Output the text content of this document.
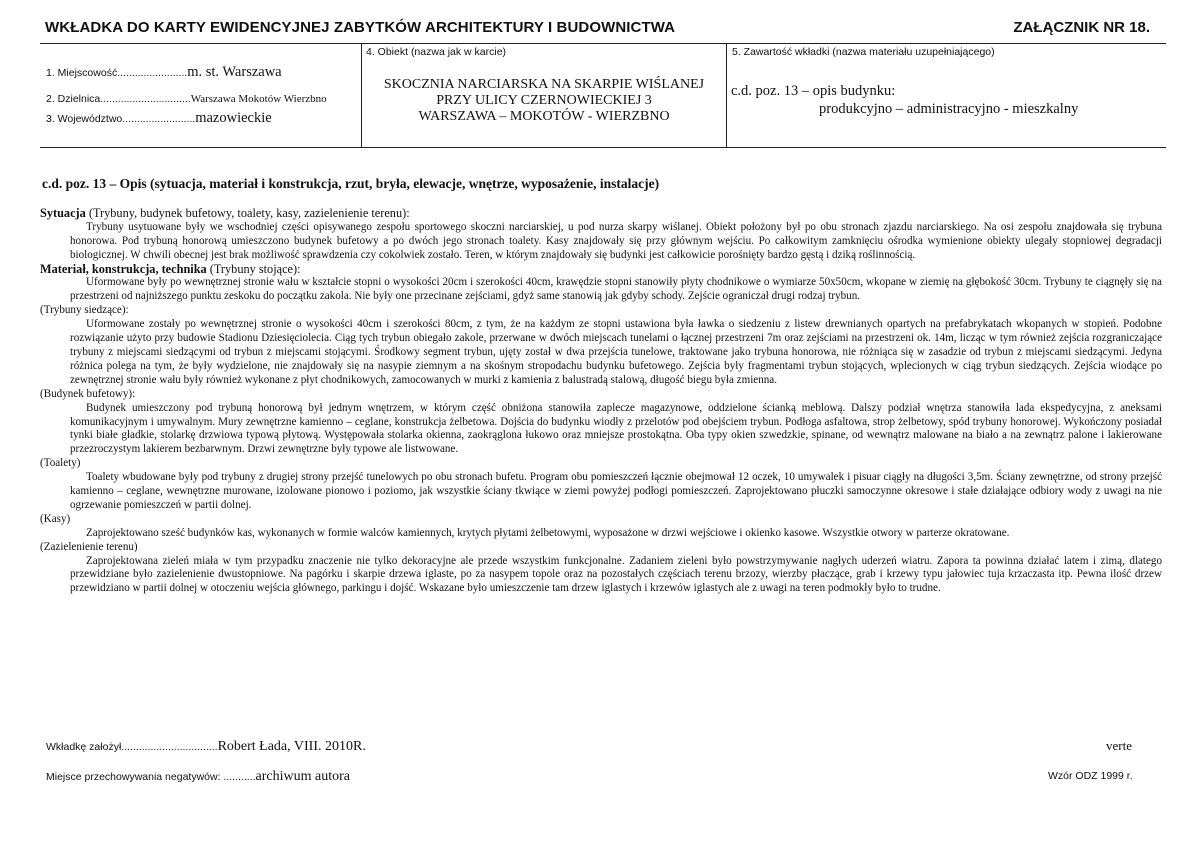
WKŁADKA DO KARTY EWIDENCYJNEJ ZABYTKÓW ARCHITEKTURY I BUDOWNICTWA	ZAŁĄCZNIK NR 18.
1. Miejscowość........................m. st. Warszawa
2. Dzielnica...............................Warszawa Mokotów Wierzbno
3. Województwo.........................mazowieckie
4. Obiekt (nazwa jak w karcie)
SKOCZNIA NARCIARSKA NA SKARPIE WIŚLANEJ
PRZY ULICY CZERNOWIECKIEJ 3
WARSZAWA – MOKOTÓW - WIERZBNO
5. Zawartość wkładki (nazwa materiału uzupełniającego)
c.d. poz. 13 – opis budynku:
produkcyjno – administracyjno - mieszkalny
c.d. poz. 13 – Opis (sytuacja, materiał i konstrukcja, rzut, bryła, elewacje, wnętrze, wyposażenie, instalacje)

Sytuacja (Trybuny, budynek bufetowy, toalety, kasy, zazielenienie terenu):

Trybuny usytuowane były we wschodniej części opisywanego zespołu sportowego skoczni narciarskiej, u pod nurza skarpy wiślanej. Obiekt położony był po obu stronach zjazdu narciarskiego. Na osi zespołu znajdowała się trybuna honorowa. Pod trybuną honorową umieszczono budynek bufetowy a po dwóch jego stronach toalety. Kasy znajdowały się przy głównym wejściu. Po całkowitym zamknięciu ośrodka wymienione obiekty ulegały stopniowej degradacji biologicznej. W chwili obecnej jest brak możliwość sprawdzenia czy cokolwiek zostało. Teren, w którym znajdowały się budynki jest całkowicie porośnięty bardzo gęstą i dziką roślinnością.

Materiał, konstrukcja, technika (Trybuny stojące):

Uformowane były po wewnętrznej stronie wału w kształcie stopni o wysokości 20cm i szerokości 40cm, krawędzie stopni stanowiły płyty chodnikowe o wymiarze 50x50cm, wkopane w ziemię na głębokość 30cm. Trybuny te ciągnęły się na przestrzeni od najniższego punktu zeskoku do początku zakola. Nie były one przecinane zejściami, gdyż same stanowią jak gdyby schody. Zejście ograniczał drugi rodzaj trybun.

(Trybuny siedzące):

Uformowane zostały po wewnętrznej stronie o wysokości 40cm i szerokości 80cm, z tym, że na każdym ze stopni ustawiona była ławka o siedzeniu z listew drewnianych opartych na prefabrykatach wkopanych w stopień. Podobne rozwiązanie użyto przy budowie Stadionu Dziesięciolecia. Ciąg tych trybun obiegało zakole, przerwane w dwóch miejscach tunelami o łącznej przestrzeni 7m oraz zejściami na przestrzeni ok. 14m, licząc w tym również zejścia rozgraniczające trybuny z miejscami siedzącymi od trybun z miejscami stojącymi. Środkowy segment trybun, ujęty został w dwa przejścia tunelowe, traktowane jako trybuna honorowa, nie różniąca się w zasadzie od trybun z miejscami siedzącymi. Jedyna różnica polega na tym, że były wydzielone, nie znajdowały się na nasypie ziemnym a na skośnym stropodachu budynku bufetowego. Zejścia były fragmentami trybun stojących, wplecionych w ciąg trybun siedzących. Zejścia wiodące po zewnętrznej stronie wału były również wykonane z płyt chodnikowych, zamocowanych w murki z kamienia z balustradą stalową, długość biegu była zmienna.

(Budynek bufetowy):

Budynek umieszczony pod trybuną honorową był jednym wnętrzem, w którym część obniżona stanowiła zaplecze magazynowe, oddzielone ścianką meblową. Dalszy podział wnętrza stanowiła lada ekspedycyjna, z aneksami komunikacyjnym i umywalnym. Mury zewnętrzne kamienno – ceglane, konstrukcja żelbetowa. Dojścia do budynku wiodły z przelotów pod obejściem trybun. Podłoga asfaltowa, strop żelbetowy, spód trybuny honorowej. Wykończony posiadał tynki białe gładkie, stolarkę drzwiowa typową płytową. Występowała stolarka okienna, zaokrąglona łukowo oraz mniejsze prostokątna. Oba typy okien szwedzkie, spinane, od wewnątrz malowane na biało a na zewnątrz palone i lakierowane przezroczystym lakierem bezbarwnym. Drzwi zewnętrzne były typowe ale listwowane.

(Toalety)

Toalety wbudowane były pod trybuny z drugiej strony przejść tunelowych po obu stronach bufetu. Program obu pomieszczeń łącznie obejmował 12 oczek, 10 umywalek i pisuar ciągły na długości 3,5m. Ściany zewnętrzne, od strony przejść kamienno – ceglane, wewnętrzne murowane, izolowane pionowo i poziomo, jak wszystkie ściany tkwiące w ziemi powyżej podłogi pomieszczeń. Zaprojektowano płuczki samoczynne okresowe i stałe działające odbiory wody z uwagi na nie ogrzewanie pomieszczeń w partii dolnej.

(Kasy)

Zaprojektowano sześć budynków kas, wykonanych w formie walców kamiennych, krytych płytami żelbetowymi, wyposażone w drzwi wejściowe i okienko kasowe. Wszystkie otwory w parterze okratowane.

(Zazielenienie terenu)

Zaprojektowana zieleń miała w tym przypadku znaczenie nie tylko dekoracyjne ale przede wszystkim funkcjonalne. Zadaniem zieleni było powstrzymywanie nagłych uderzeń wiatru. Zapora ta powinna działać latem i zimą, dlatego przewidziane było zazielenienie dwustopniowe. Na pagórku i skarpie drzewa iglaste, po za nasypem topole oraz na pozostałych częściach terenu brzozy, wierzby płaczące, grab i krzewy typu jałowiec tuja krzaczasta itp. Pewna ilość drzew przewidziano w partii dolnej w otoczeniu wejścia głównego, parkingu i dojść. Wskazane było umieszczenie tam drzew iglastych i krzewów iglastych ale z uwagi na teren podmokły było to trudne.

Wkładkę założył.................................Robert Łada, VIII. 2010R.
Miejsce przechowywania negatywów: ...........archiwum autora
verte
Wzór ODZ 1999 r.
